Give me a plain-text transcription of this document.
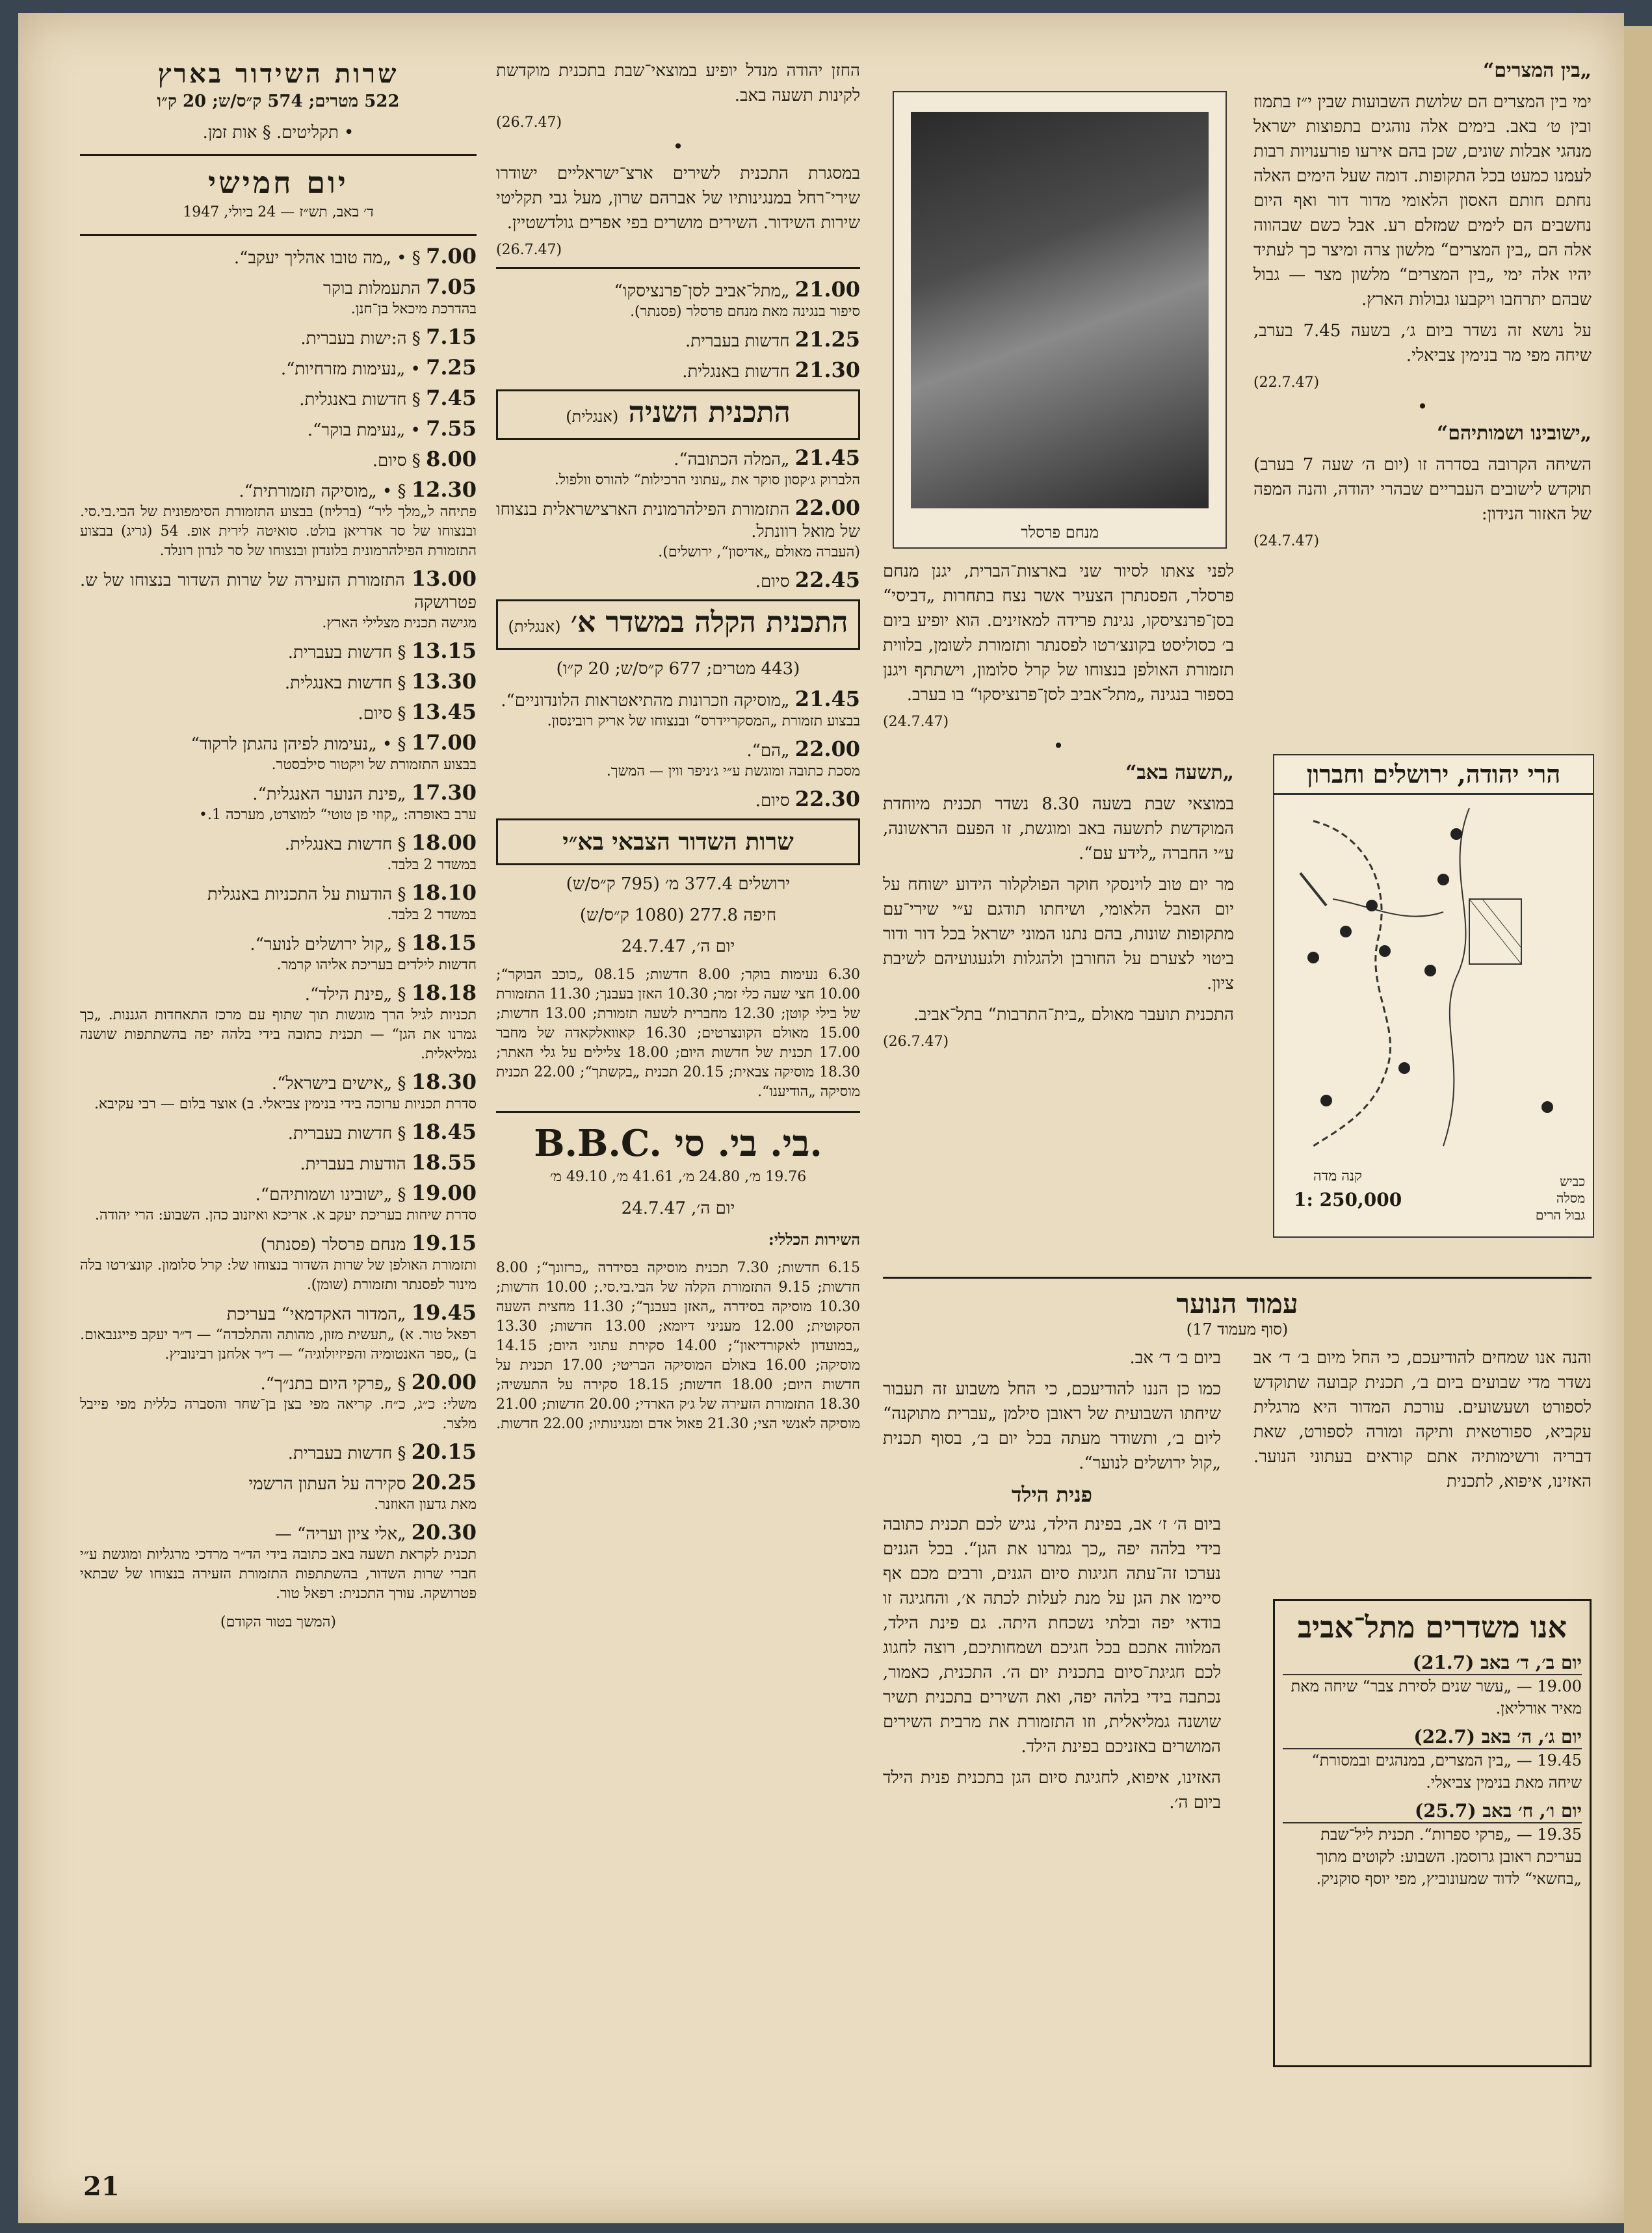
„בין המצרים“

ימי בין המצרים הם שלושת השבועות שבין י״ז בתמוז ובין ט׳ באב. בימים אלה נוהגים בתפוצות ישראל מנהגי אבלות שונים, שכן בהם אירעו פורענויות רבות לעמנו כמעט בכל התקופות. דומה שעל הימים האלה נחתם חותם האסון הלאומי מדור דור ואף היום נחשבים הם לימים שמזלם רע. אבל כשם שבהווה אלה הם „בין המצרים“ מלשון צרה ומיצר כך לעתיד יהיו אלה ימי „בין המצרים“ מלשון מצר — גבול שבהם יתרחבו ויקבעו גבולות הארץ.

על נושא זה נשדר ביום ג׳, בשעה 7.45 בערב, שיחה מפי מר בנימין צביאלי.

(22.7.47)
•

„ישובינו ושמותיהם“

השיחה הקרובה בסדרה זו (יום ה׳ שעה 7 בערב) תוקדש לישובים העבריים שבהרי יהודה, והנה המפה של האזור הנידון:

(24.7.47)
הרי יהודה, ירושלים וחברון
קנה מדה
1: 250,000
כביש
מסלה
גבול הרים
מנחם פרסלר

לפני צאתו לסיור שני בארצות־הברית, יגנן מנחם פרסלר, הפסנתרן הצעיר אשר נצח בתחרות „דביסי“ בסן־פרנציסקו, נגינת פרידה למאזינים. הוא יופיע ביום ב׳ כסוליסט בקונצ׳רטו לפסנתר ותזמורת לשומן, בלווית תזמורת האולפן בנצוחו של קרל סלומון, וישתתף ויגנן בספור בנגינה „מתל־אביב לסן־פרנציסקו“ בו בערב.

(24.7.47)
•

„תשעה באב“

במוצאי שבת בשעה 8.30 נשדר תכנית מיוחדת המוקדשת לתשעה באב ומוגשת, זו הפעם הראשונה, ע״י החברה „לידע עם“.

מר יום טוב לוינסקי חוקר הפולקלור הידוע ישוחח על יום האבל הלאומי, ושיחתו תודגם ע״י שירי־עם מתקופות שונות, בהם נתנו המוני ישראל בכל דור ודור ביטוי לצערם על החורבן ולהגלות ולגעגועיהם לשיבת ציון.

התכנית תועבר מאולם „בית־התרבות“ בתל־אביב.

(26.7.47)
עמוד הנוער
(סוף מעמוד 17)

והנה אנו שמחים להודיעכם, כי החל מיום ב׳ ד׳ אב נשדר מדי שבועים ביום ב׳, תכנית קבועה שתוקדש לספורט ושעשועים. עורכת המדור היא מרגלית עקביא, ספורטאית ותיקה ומורה לספורט, שאת דבריה ורשימותיה אתם קוראים בעתוני הנוער. האזינו, איפוא, לתכנית

ביום ב׳ ד׳ אב.

כמו כן הננו להודיעכם, כי החל משבוע זה תעבור שיחתו השבועית של ראובן סילמן „עברית מתוקנה“ ליום ב׳, ותשודר מעתה בכל יום ב׳, בסוף תכנית „קול ירושלים לנוער“.

פנית הילד

ביום ה׳ ז׳ אב, בפינת הילד, נגיש לכם תכנית כתובה בידי בלהה יפה „כך גמרנו את הגן“. בכל הגנים נערכו זה־עתה חגיגות סיום הגנים, ורבים מכם אף סיימו את הגן על מנת לעלות לכתה א׳, והחגיגה זו בודאי יפה ובלתי נשכחת היתה. גם פינת הילד, המלווה אתכם בכל חגיכם ושמחותיכם, רוצה לחגוג לכם חגיגת־סיום בתכנית יום ה׳. התכנית, כאמור, נכתבה בידי בלהה יפה, ואת השירים בתכנית תשיר שושנה גמליאלית, וזו התזמורת את מרבית השירים המושרים באזניכם בפינת הילד.

האזינו, איפוא, לחגיגת סיום הגן בתכנית פנית הילד ביום ה׳.

אנו משדרים מתל־אביב
יום ב׳, ד׳ באב (21.7)

19.00 — „עשר שנים לסירת צבר“ שיחה מאת מאיר אורליאן.

יום ג׳, ה׳ באב (22.7)

19.45 — „בין המצרים, במנהגים ובמסורת“ שיחה מאת בנימין צביאלי.

יום ו׳, ח׳ באב (25.7)

19.35 — „פרקי ספרות“. תכנית ליל־שבת בעריכת ראובן גרוסמן. השבוע: לקוטים מתוך „בחשאי“ לדוד שמעונוביץ, מפי יוסף סוקניק.

החזן יהודה מנדל יופיע במוצאי־שבת בתכנית מוקדשת לקינות תשעה באב.

(26.7.47)
•

במסגרת התכנית לשירים ארצ־ישראליים ישודרו שירי־רחל במנגינותיו של אברהם שרון, מעל גבי תקליטי שירות השידור. השירים מושרים בפי אפרים גולדשטיין.

(26.7.47)
21.00 „מתל־אביב לסן־פרנציסקו“
סיפור בנגינה מאת מנחם פרסלר (פסנתר).
21.25 חדשות בעברית.
21.30 חדשות באנגלית.
התכנית השניה (אנגלית)
21.45 „המלה הכתובה“.
הלברוק ג׳קסון סוקר את „עתוני הרכילות“ להורס וולפול.
22.00 התזמורת הפילהרמונית הארצישראלית בנצוחו של מואל רוונתל.
(העברה מאולם „אדיסון“, ירושלים).
22.45 סיום.
התכנית הקלה במשדר א׳ (אנגלית)

(443 מטרים; 677 ק״ס/ש; 20 ק״ו)

21.45 „מוסיקה וזכרונות מהתיאטראות הלונדוניים“.
בבצוע תזמורת „המסקריידרס“ ובנצוחו של אריק רובינסון.
22.00 „הם“.
מסכת כתובה ומוגשת ע״י ג׳ניפר ווין — המשך.
22.30 סיום.
שרות השדור הצבאי בא״י

ירושלים 377.4 מ׳ (795 ק״ס/ש)

חיפה 277.8 (1080 ק״ס/ש)

יום ה׳, 24.7.47

6.30 נעימות בוקר; 8.00 חדשות; 08.15 „כוכב הבוקר“; 10.00 חצי שעה כלי זמר; 10.30 האזן בעבנך; 11.30 התזמורת של בילי קוטן; 12.30 מחברית לשעה תזמורת; 13.00 חדשות; 15.00 מאולם הקונצרטים; 16.30 קאוואלקאדה של מחבר 17.00 תכנית של חדשות היום; 18.00 צלילים על גלי האתר; 18.30 מוסיקה צבאית; 20.15 תכנית „בקשתך“; 22.00 תכנית מוסיקה „הודיענו“.

B.B.C. בי. בי. סי.

19.76 מ׳, 24.80 מ׳, 41.61 מ׳, 49.10 מ׳

יום ה׳, 24.7.47

השירות הכללי:

6.15 חדשות; 7.30 תכנית מוסיקה בסידרה „כרזונך“; 8.00 חדשות; 9.15 התזמורת הקלה של הבי.בי.סי.; 10.00 חדשות; 10.30 מוסיקה בסידרה „האזן בעבנך“; 11.30 מחצית השעה הסקוטית; 12.00 מעניני דיומא; 13.00 חדשות; 13.30 „במועדון לאקורדיאון“; 14.00 סקירת עתוני היום; 14.15 מוסיקה; 16.00 באולם המוסיקה הבריטי; 17.00 תכנית על חדשות היום; 18.00 חדשות; 18.15 סקירה על התעשיה; 18.30 התזמורת הזעירה של ג׳ק הארדי; 20.00 חדשות; 21.00 מוסיקה לאנשי הצי; 21.30 פאול אדם ומנגינותיו; 22.00 חדשות.

שרות השידור בארץ

522 מטרים; 574 ק״ס/ש; 20 ק״ו

• תקליטים. § אות זמן.

יום חמישי

ד׳ באב, תש״ז — 24 ביולי, 1947

7.00 § • „מה טובו אהליך יעקב“.
7.05 התעמלות בוקר
בהדרכת מיכאל בן־חנן.
7.15 § ה:ישות בעברית.
7.25 • „נעימות מזרחיות“.
7.45 § חדשות באנגלית.
7.55 • „נעימת בוקר“.
8.00 § סיום.
12.30 § • „מוסיקה תזמורתית“.
פתיחה ל„מלך ליר“ (ברליוז) בבצוע התזמורת הסימפונית של הבי.בי.סי. ובנצוחו של סר אדריאן בולט. סואיטה לירית אופ. 54 (גריג) בבצוע התזמורת הפילהרמונית בלונדון ובנצוחו של סר לנדון רונלד.
13.00 התזמורת הזעירה של שרות השדור בנצוחו של ש. פטרושקה
מגישה תכנית מצלילי הארץ.
13.15 § חדשות בעברית.
13.30 § חדשות באנגלית.
13.45 § סיום.
17.00 § • „נעימות לפיהן נהגתן לרקוד“
בבצוע התזמורת של ויקטור סילבסטר.
17.30 „פינת הנוער האנגלית“.
ערב באופרה: „קוזי פן טוטי“ למוצרט, מערכה 1.•
18.00 § חדשות באנגלית.
במשדר 2 בלבד.
18.10 § הודעות על התכניות באנגלית
במשדר 2 בלבד.
18.15 § „קול ירושלים לנוער“.
חדשות לילדים בעריכת אליהו קרמר.
18.18 § „פינת הילד“.
תכניות לגיל הרך מוגשות תוך שתוף עם מרכז התאחדות הגננות. „כך גמרנו את הגן“ — תכנית כתובה בידי בלהה יפה בהשתתפות שושנה גמליאלית.
18.30 § „אישים בישראל“.
סדרת תכניות ערוכה בידי בנימין צביאלי. ב) אוצר בלום — רבי עקיבא.
18.45 § חדשות בעברית.
18.55 הודעות בעברית.
19.00 § „ישובינו ושמותיהם“.
סדרת שיחות בעריכת יעקב א. אריכא ואיזנוב כהן. השבוע: הרי יהודה.
19.15 מנחם פרסלר (פסנתר)
ותזמורת האולפן של שרות השדור בנצוחו של: קרל סלומון. קונצ׳רטו בלה מינור לפסנתר ותזמורת (שומן).
19.45 „המדור האקדמאי“ בעריכת
רפאל טור. א) „תעשית מזון, מהותה והתלכדה“ — ד״ר יעקב פייגנבאום. ב) „ספר האנטומיה והפיזיולוגיה“ — ד״ר אלחנן רבינוביץ.
20.00 § „פרקי היום בתנ״ך“.
משלי: כ״ג, כ״ח. קריאה מפי בצן בן־שחר והסברה כללית מפי פייבל מלצר.
20.15 § חדשות בעברית.
20.25 סקירה על העתון הרשמי
מאת גדעון האוזנר.
20.30 „אלי ציון ועריה“ —
תכנית לקראת תשעה באב כתובה בידי הד״ר מרדכי מרגליות ומוגשת ע״י חברי שרות השדור, בהשתתפות התזמורת הזעירה בנצוחו של שבתאי פטרושקה. עורך התכנית: רפאל טור.

(המשך בטור הקודם)

21
